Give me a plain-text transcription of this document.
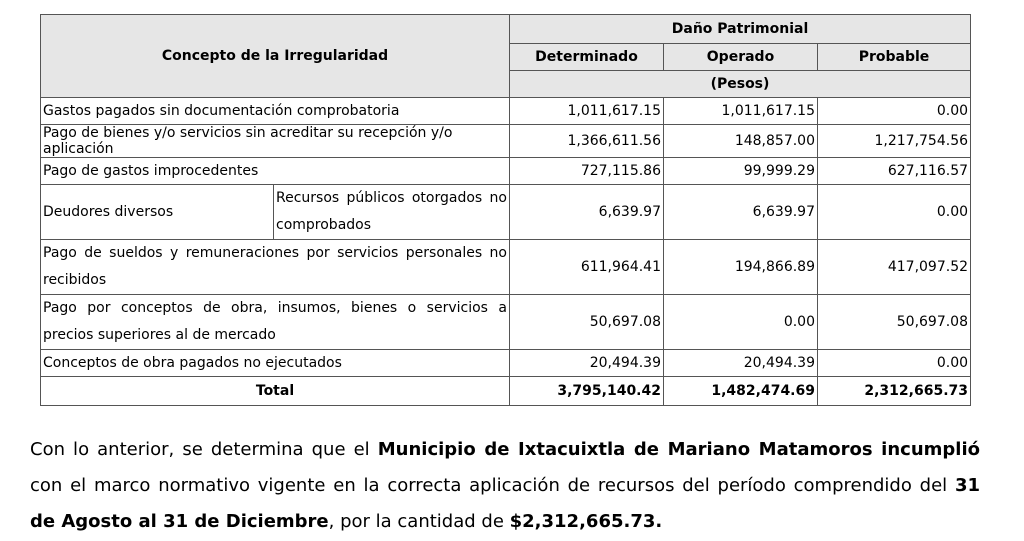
Concepto de la Irregularidad		Daño Patrimonial		
		Determinado	Operado	Probable
		(Pesos)		
Gastos pagados sin documentación comprobatoria		1,011,617.15	1,011,617.15	0.00
Pago de bienes y/o servicios sin acreditar su recepción y/o aplicación		1,366,611.56	148,857.00	1,217,754.56
Pago de gastos improcedentes		727,115.86	99,999.29	627,116.57
Deudores diversos	Recursos públicos otorgados no comprobados	6,639.97	6,639.97	0.00
Pago de sueldos y remuneraciones por servicios personales no recibidos		611,964.41	194,866.89	417,097.52
Pago por conceptos de obra, insumos, bienes o servicios a precios superiores al de mercado		50,697.08	0.00	50,697.08
Conceptos de obra pagados no ejecutados		20,494.39	20,494.39	0.00
Total		3,795,140.42	1,482,474.69	2,312,665.73

Con lo anterior, se determina que el Municipio de Ixtacuixtla de Mariano Matamoros incumplió con el marco normativo vigente en la correcta aplicación de recursos del período comprendido del 31 de Agosto al 31 de Diciembre, por la cantidad de $2,312,665.73.
